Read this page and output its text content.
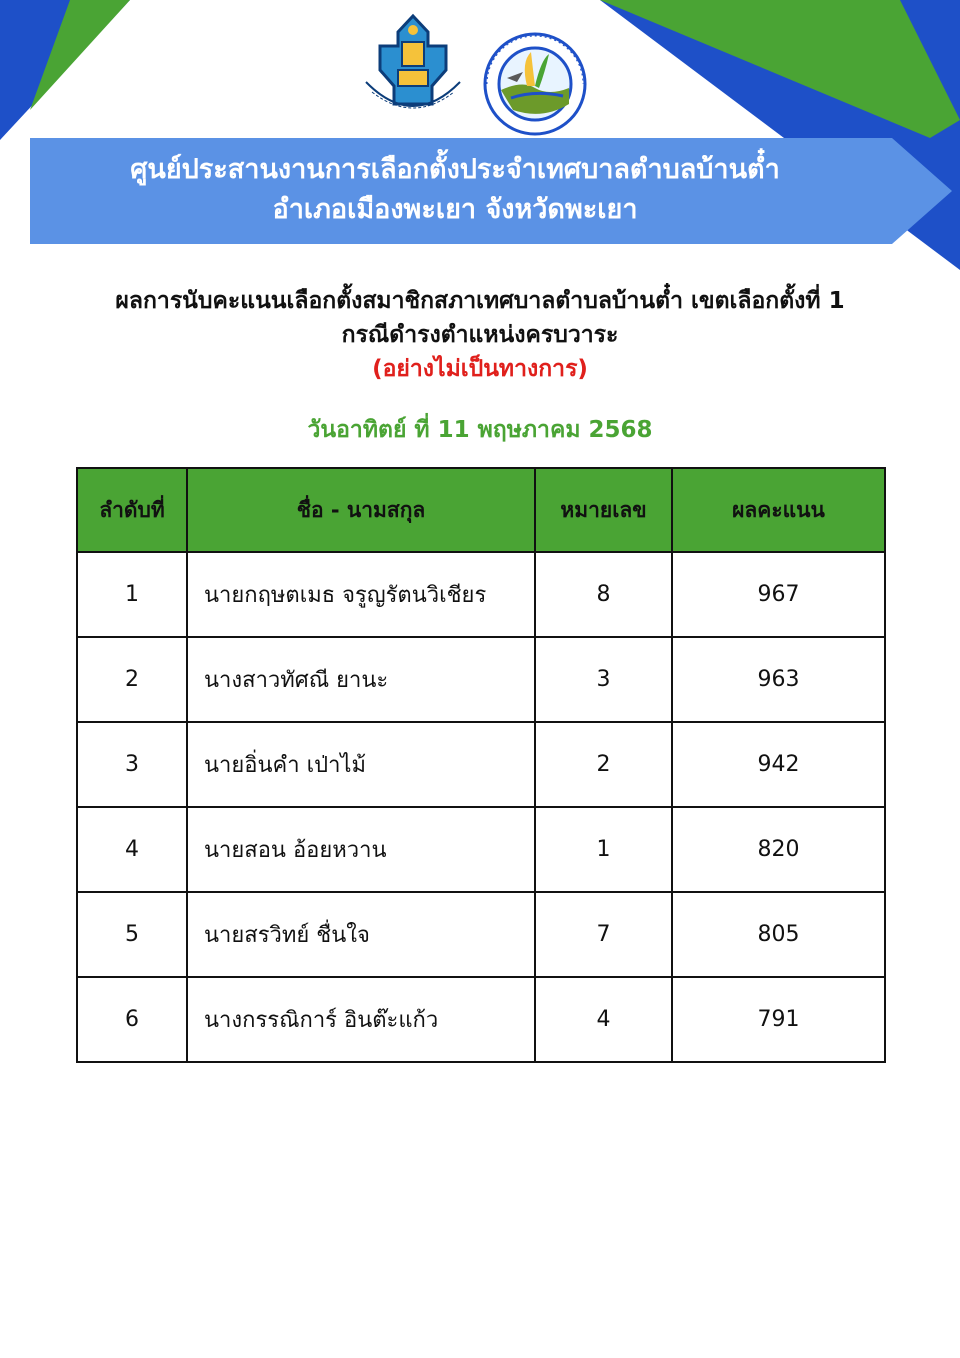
ศูนย์ประสานงานการเลือกตั้งประจำเทศบาลตำบลบ้านต๋ำ
อำเภอเมืองพะเยา จังหวัดพะเยา
ผลการนับคะแนนเลือกตั้งสมาชิกสภาเทศบาลตำบลบ้านต๋ำ เขตเลือกตั้งที่ 1
กรณีดำรงตำแหน่งครบวาระ
(อย่างไม่เป็นทางการ)
วันอาทิตย์ ที่ 11 พฤษภาคม 2568
ลำดับที่	ชื่อ - นามสกุล	หมายเลข	ผลคะแนน
1	นายกฤษตเมธ จรูญรัตนวิเชียร	8	967
2	นางสาวทัศณี ยานะ	3	963
3	นายอิ่นคำ เป่าไม้	2	942
4	นายสอน อ้อยหวาน	1	820
5	นายสรวิทย์ ชื่นใจ	7	805
6	นางกรรณิการ์ อินต๊ะแก้ว	4	791
